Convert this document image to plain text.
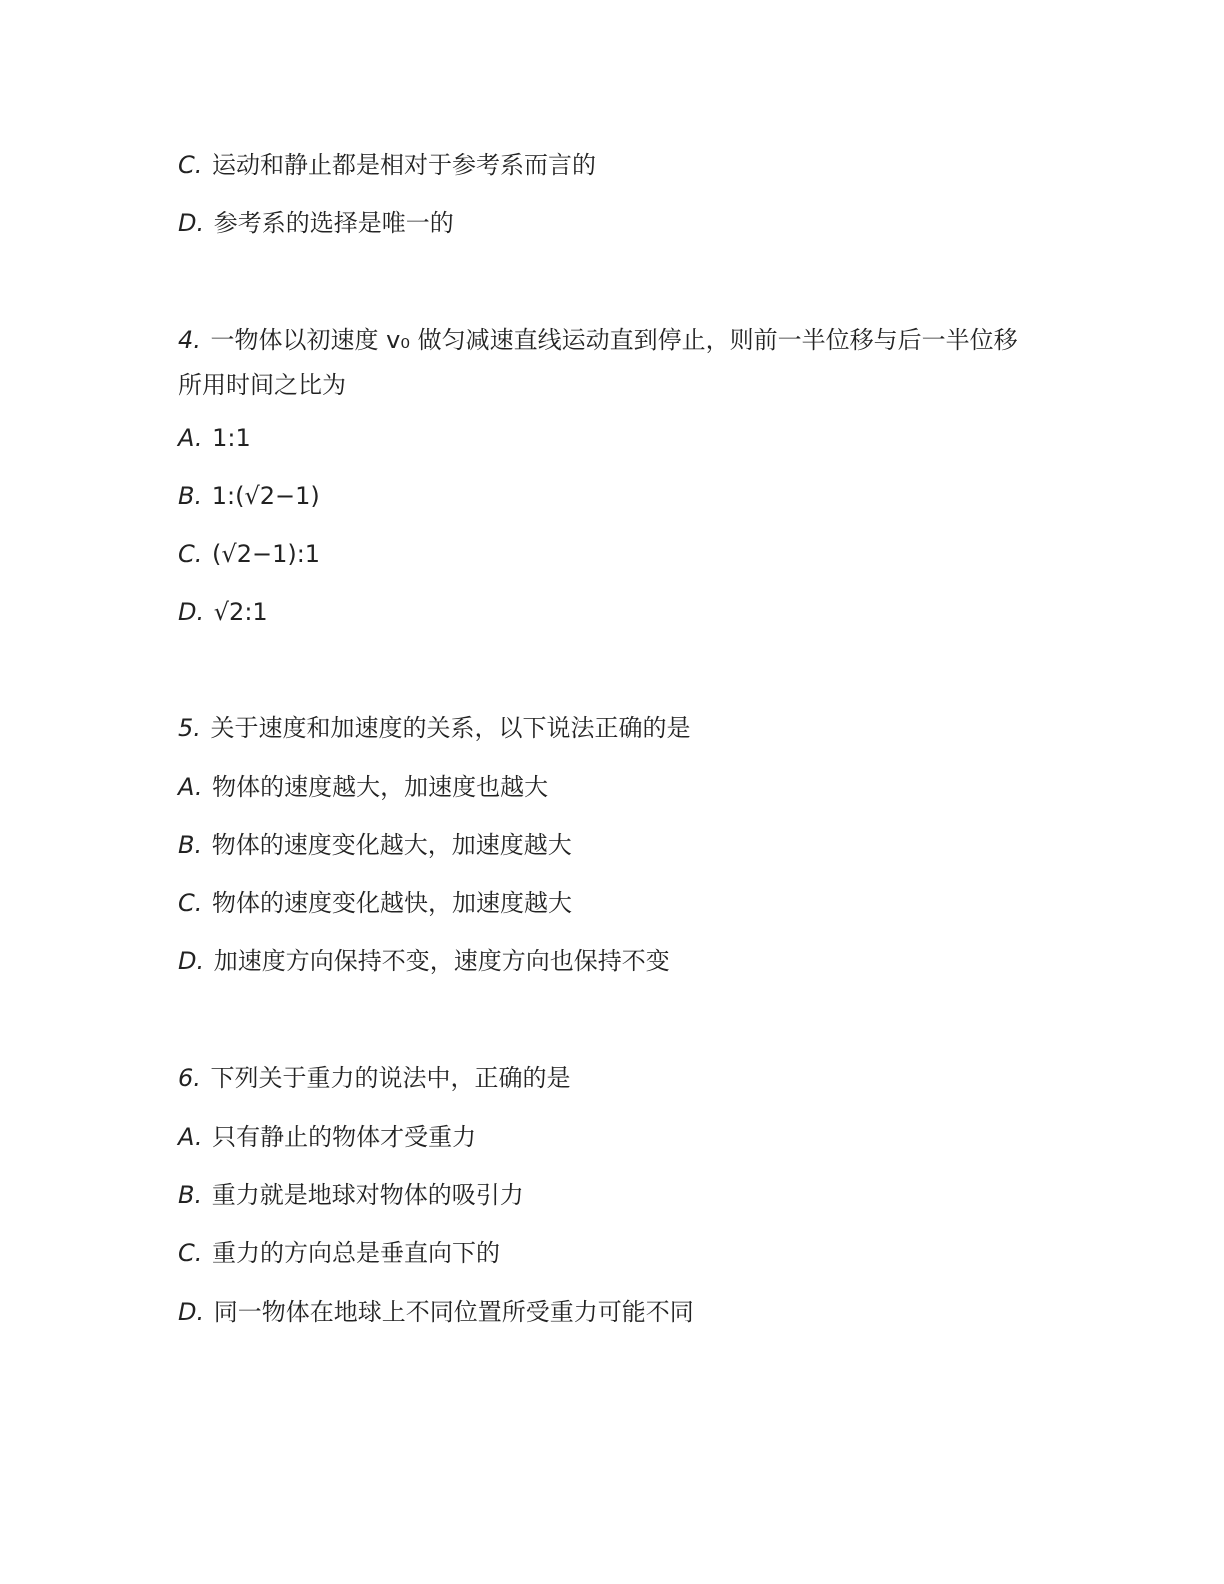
C. 运动和静止都是相对于参考系而言的
D. 参考系的选择是唯一的
4. 一物体以初速度 v₀ 做匀减速直线运动直到停止，则前一半位移与后一半位移
所用时间之比为
A. 1:1
B. 1:(√2−1)
C. (√2−1):1
D. √2:1
5. 关于速度和加速度的关系，以下说法正确的是
A. 物体的速度越大，加速度也越大
B. 物体的速度变化越大，加速度越大
C. 物体的速度变化越快，加速度越大
D. 加速度方向保持不变，速度方向也保持不变
6. 下列关于重力的说法中，正确的是
A. 只有静止的物体才受重力
B. 重力就是地球对物体的吸引力
C. 重力的方向总是垂直向下的
D. 同一物体在地球上不同位置所受重力可能不同
